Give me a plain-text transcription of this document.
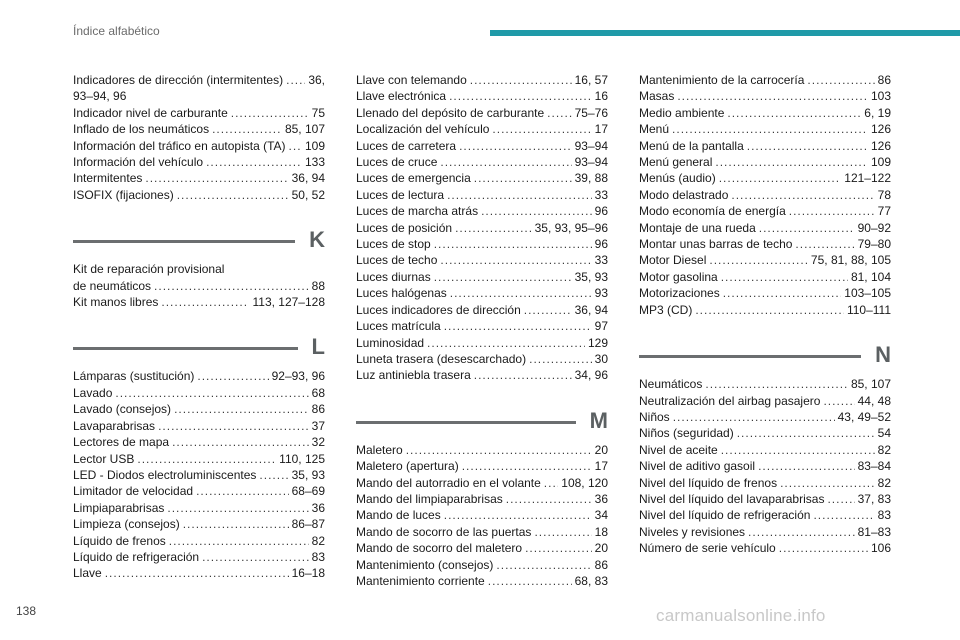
Índice alfabético
Indicadores de dirección (intermitentes) ..... 36,
93–94, 96
Indicador nivel de carburante .....	75
Inflado de los neumáticos .....	85, 107
Información del tráfico en autopista (TA) ..... 109
Información del vehículo .....	133
Intermitentes .....	36, 94
ISOFIX (fijaciones) .....	50, 52
K
Kit de reparación provisional
de neumáticos .....	88
Kit manos libres .....	113, 127–128
L
Lámparas (sustitución) .....	92–93, 96
Lavado .....	68
Lavado (consejos) .....	86
Lavaparabrisas .....	37
Lectores de mapa .....	32
Lector USB .....	110, 125
LED - Diodos electroluminiscentes .....	35, 93
Limitador de velocidad .....	68–69
Limpiaparabrisas .....	36
Limpieza (consejos) .....	86–87
Líquido de frenos .....	82
Líquido de refrigeración .....	83
Llave .....	16–18
Llave con telemando .....	16, 57
Llave electrónica .....	16
Llenado del depósito de carburante .....	75–76
Localización del vehículo .....	17
Luces de carretera .....	93–94
Luces de cruce .....	93–94
Luces de emergencia .....	39, 88
Luces de lectura .....	33
Luces de marcha atrás .....	96
Luces de posición .....	35, 93, 95–96
Luces de stop .....	96
Luces de techo .....	33
Luces diurnas .....	35, 93
Luces halógenas .....	93
Luces indicadores de dirección .....	36, 94
Luces matrícula .....	97
Luminosidad .....	129
Luneta trasera (desescarchado) .....	30
Luz antiniebla trasera .....	34, 96
M
Maletero .....	20
Maletero (apertura) .....	17
Mando del autorradio en el volante ..... 108, 120
Mando del limpiaparabrisas .....	36
Mando de luces .....	34
Mando de socorro de las puertas .....	18
Mando de socorro del maletero .....	20
Mantenimiento (consejos) .....	86
Mantenimiento corriente .....	68, 83
Mantenimiento de la carrocería .....	86
Masas .....	103
Medio ambiente .....	6, 19
Menú .....	126
Menú de la pantalla .....	126
Menú general .....	109
Menús (audio) .....	121–122
Modo delastrado .....	78
Modo economía de energía .....	77
Montaje de una rueda .....	90–92
Montar unas barras de techo .....	79–80
Motor Diesel .....	75, 81, 88, 105
Motor gasolina .....	81, 104
Motorizaciones .....	103–105
MP3 (CD) .....	110–111
N
Neumáticos .....	85, 107
Neutralización del airbag pasajero .....	44, 48
Niños .....	43, 49–52
Niños (seguridad) .....	54
Nivel de aceite .....	82
Nivel de aditivo gasoil .....	83–84
Nivel del líquido de frenos .....	82
Nivel del líquido del lavaparabrisas .....	37, 83
Nivel del líquido de refrigeración .....	83
Niveles y revisiones .....	81–83
Número de serie vehículo .....	106
138	carmanualsonline.info
